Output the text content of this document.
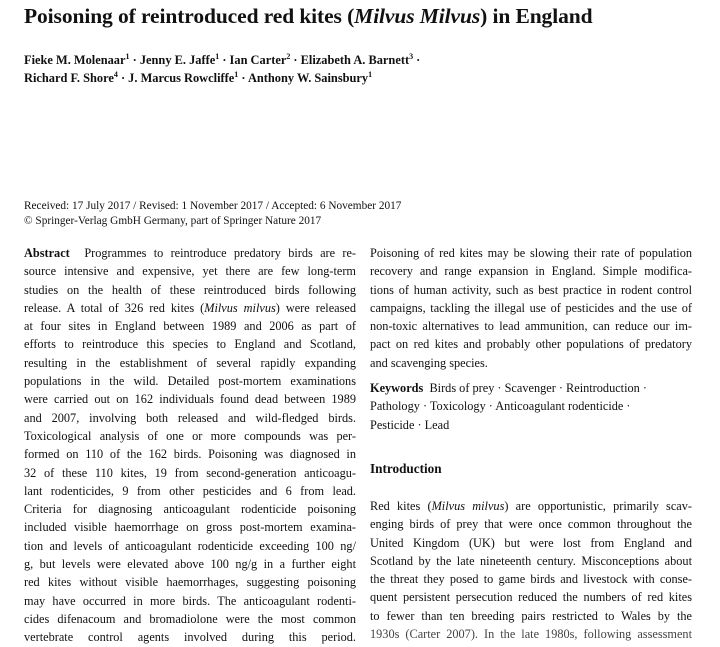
Poisoning of reintroduced red kites (Milvus Milvus) in England
Fieke M. Molenaar$^1$ · Jenny E. Jaffe$^1$ · Ian Carter$^2$ · Elizabeth A. Barnett$^3$ ·
Richard F. Shore$^4$ · J. Marcus Rowcliffe$^1$ · Anthony W. Sainsbury$^1$
Received: 17 July 2017 / Revised: 1 November 2017 / Accepted: 6 November 2017
© Springer-Verlag GmbH Germany, part of Springer Nature 2017
Abstract Programmes to reintroduce predatory birds are re-
source intensive and expensive, yet there are few long-term
studies on the health of these reintroduced birds following
release. A total of 326 red kites (Milvus milvus) were released
at four sites in England between 1989 and 2006 as part of
efforts to reintroduce this species to England and Scotland,
resulting in the establishment of several rapidly expanding
populations in the wild. Detailed post-mortem examinations
were carried out on 162 individuals found dead between 1989
and 2007, involving both released and wild-fledged birds.
Toxicological analysis of one or more compounds was per-
formed on 110 of the 162 birds. Poisoning was diagnosed in
32 of these 110 kites, 19 from second-generation anticoagu-
lant rodenticides, 9 from other pesticides and 6 from lead.
Criteria for diagnosing anticoagulant rodenticide poisoning
included visible haemorrhage on gross post-mortem examina-
tion and levels of anticoagulant rodenticide exceeding 100 ng/
g, but levels were elevated above 100 ng/g in a further eight
red kites without visible haemorrhages, suggesting poisoning
may have occurred in more birds. The anticoagulant rodenti-
cides difenacoum and bromadiolone were the most common
vertebrate control agents involved during this period.
Poisoning of red kites may be slowing their rate of population
recovery and range expansion in England. Simple modifica-
tions of human activity, such as best practice in rodent control
campaigns, tackling the illegal use of pesticides and the use of
non-toxic alternatives to lead ammunition, can reduce our im-
pact on red kites and probably other populations of predatory
and scavenging species.
Keywords Birds of prey · Scavenger · Reintroduction ·
Pathology · Toxicology · Anticoagulant rodenticide ·
Pesticide · Lead
Introduction
Red kites (Milvus milvus) are opportunistic, primarily scav-
enging birds of prey that were once common throughout the
United Kingdom (UK) but were lost from England and
Scotland by the late nineteenth century. Misconceptions about
the threat they posed to game birds and livestock with conse-
quent persistent persecution reduced the numbers of red kites
to fewer than ten breeding pairs restricted to Wales by the
1930s (Carter 2007). In the late 1980s, following assessment
